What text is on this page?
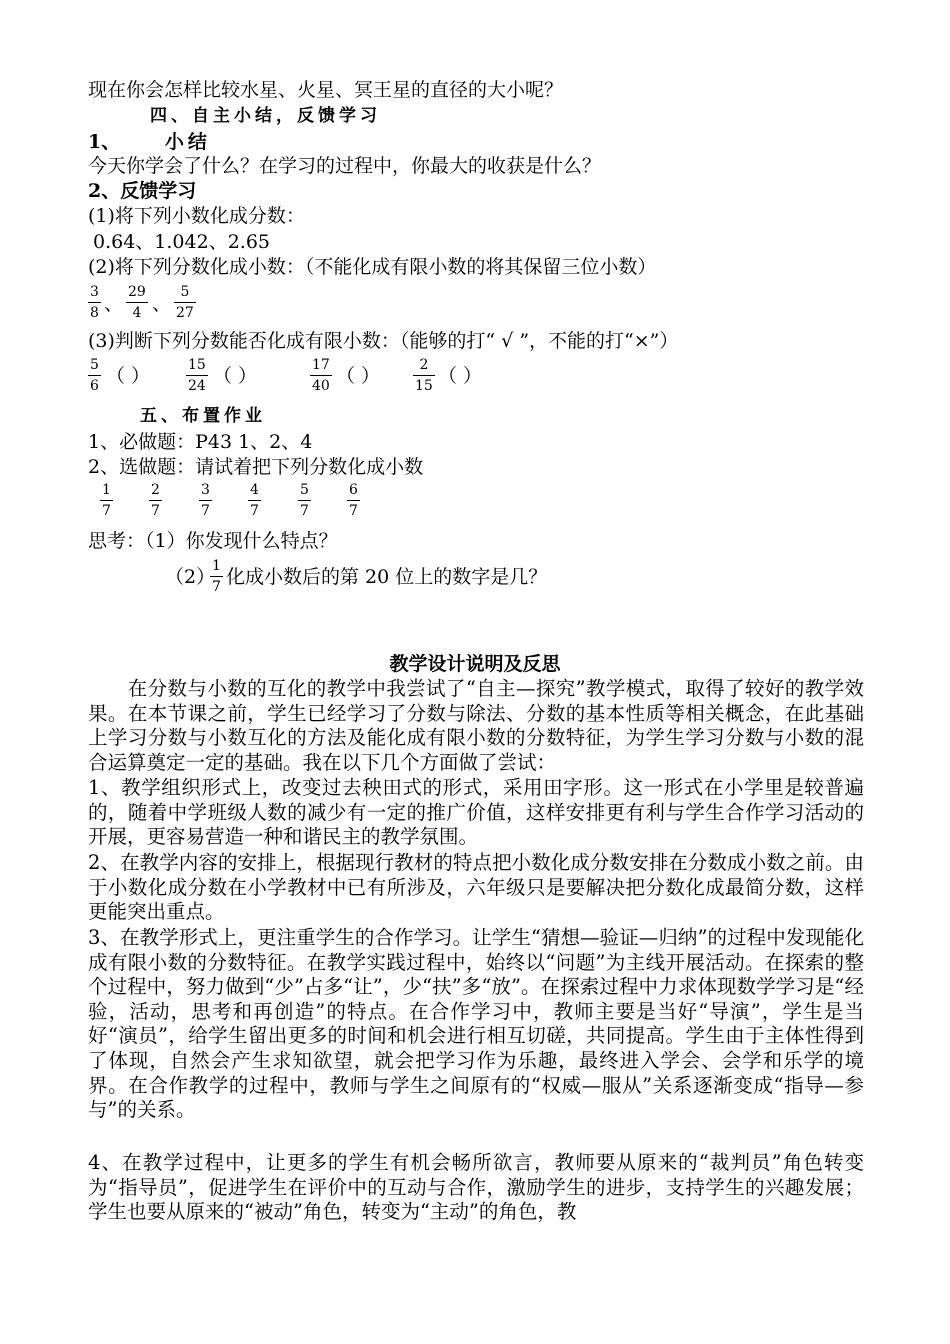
现在你会怎样比较水星、火星、冥王星的直径的大小呢？
四、自主小结，反馈学习
1、 小结
今天你学会了什么？在学习的过程中，你最大的收获是什么？
2、反馈学习
(1)将下列小数化成分数：
0.64、1.042、2.65
(2)将下列分数化成小数：（不能化成有限小数的将其保留三位小数）
3
8 、
29
4 、
5
27
(3)判断下列分数能否化成有限小数：（能够的打“ √ ”，不能的打“×”）
5
6 （ ）	15
24 （ ）	17
40 （ ）	2
15 （ ）
五、布置作业
1、必做题：P43 1、2、4
2、选做题：请试着把下列分数化成小数
1
7
2
7
3
7
4
7
5
7
6
7
思考：（1）你发现什么特点？
（2）
1
7 化成小数后的第 20 位上的数字是几？
教学设计说明及反思
　　在分数与小数的互化的教学中我尝试了“自主—探究”教学模式，取得了较好的教学效果。在本节课之前，学生已经学习了分数与除法、分数的基本性质等相关概念，在此基础上学习分数与小数互化的方法及能化成有限小数的分数特征，为学生学习分数与小数的混合运算奠定一定的基础。我在以下几个方面做了尝试：
1、教学组织形式上，改变过去秧田式的形式，采用田字形。这一形式在小学里是较普遍的，随着中学班级人数的减少有一定的推广价值，这样安排更有利与学生合作学习活动的开展，更容易营造一种和谐民主的教学氛围。
2、在教学内容的安排上，根据现行教材的特点把小数化成分数安排在分数成小数之前。由于小数化成分数在小学教材中已有所涉及，六年级只是要解决把分数化成最简分数，这样更能突出重点。
3、在教学形式上，更注重学生的合作学习。让学生“猜想—验证—归纳”的过程中发现能化成有限小数的分数特征。在教学实践过程中，始终以“问题”为主线开展活动。在探索的整个过程中，努力做到“少”占多“让”，少“扶”多“放”。在探索过程中力求体现数学学习是“经验，活动，思考和再创造”的特点。在合作学习中，教师主要是当好“导演”，学生是当好“演员”，给学生留出更多的时间和机会进行相互切磋，共同提高。学生由于主体性得到了体现，自然会产生求知欲望，就会把学习作为乐趣，最终进入学会、会学和乐学的境界。在合作教学的过程中，教师与学生之间原有的“权威—服从”关系逐渐变成“指导—参与”的关系。
4、在教学过程中，让更多的学生有机会畅所欲言，教师要从原来的“裁判员”角色转变为“指导员”，促进学生在评价中的互动与合作，激励学生的进步，支持学生的兴趣发展；学生也要从原来的“被动”角色，转变为“主动”的角色，教
